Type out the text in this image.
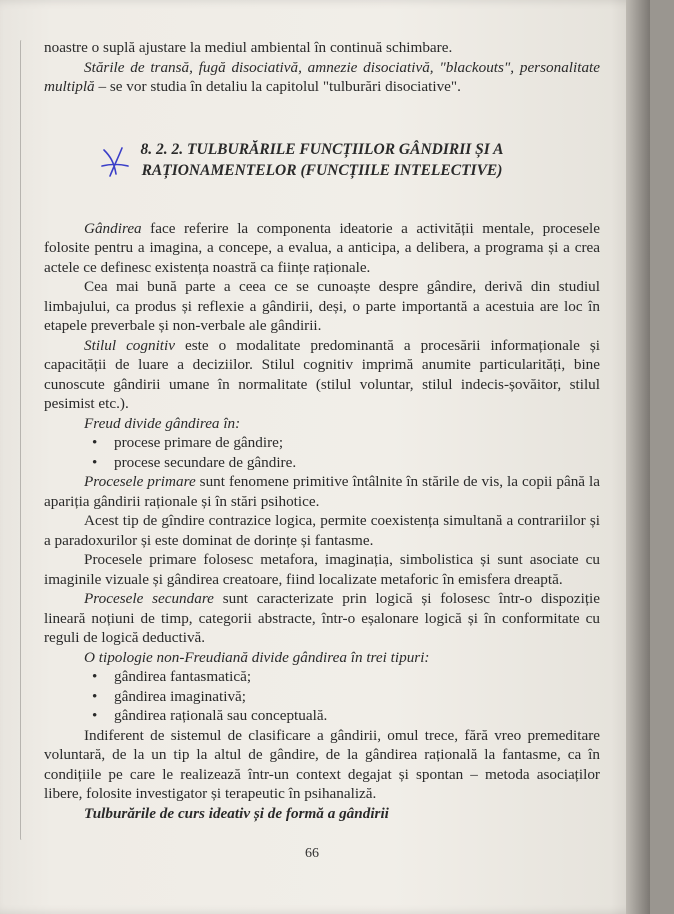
noastre o suplă ajustare la mediul ambiental în continuă schimbare.

Stările de transă, fugă disociativă, amnezie disociativă, "blackouts", personalitate multiplă – se vor studia în detaliu la capitolul "tulburări disociative".

8. 2. 2. TULBURĂRILE FUNCȚIILOR GÂNDIRII ȘI A RAȚIONAMENTELOR (FUNCȚIILE INTELECTIVE)

Gândirea face referire la componenta ideatorie a activității mentale, procesele folosite pentru a imagina, a concepe, a evalua, a anticipa, a delibera, a programa și a crea actele ce definesc existența noastră ca ființe raționale.

Cea mai bună parte a ceea ce se cunoaște despre gândire, derivă din studiul limbajului, ca produs și reflexie a gândirii, deși, o parte importantă a acestuia are loc în etapele preverbale și non-verbale ale gândirii.

Stilul cognitiv este o modalitate predominantă a procesării informaționale și capacității de luare a deciziilor. Stilul cognitiv imprimă anumite particularități, bine cunoscute gândirii umane în normalitate (stilul voluntar, stilul indecis-șovăitor, stilul pesimist etc.).

Freud divide gândirea în:

• procese primare de gândire;
• procese secundare de gândire.

Procesele primare sunt fenomene primitive întâlnite în stările de vis, la copii până la apariția gândirii raționale și în stări psihotice.

Acest tip de gîndire contrazice logica, permite coexistența simultană a contrariilor și a paradoxurilor și este dominat de dorințe și fantasme.

Procesele primare folosesc metafora, imaginația, simbolistica și sunt asociate cu imaginile vizuale și gândirea creatoare, fiind localizate metaforic în emisfera dreaptă.

Procesele secundare sunt caracterizate prin logică și folosesc într-o dispoziție lineară noțiuni de timp, categorii abstracte, într-o eșalonare logică și în conformitate cu reguli de logică deductivă.

O tipologie non-Freudiană divide gândirea în trei tipuri:

• gândirea fantasmatică;
• gândirea imaginativă;
• gândirea rațională sau conceptuală.

Indiferent de sistemul de clasificare a gândirii, omul trece, fără vreo premeditare voluntară, de la un tip la altul de gândire, de la gândirea rațională la fantasme, ca în condițiile pe care le realizează într-un context degajat și spontan – metoda asociaților libere, folosite investigator și terapeutic în psihanaliză.

Tulburările de curs ideativ și de formă a gândirii

66
